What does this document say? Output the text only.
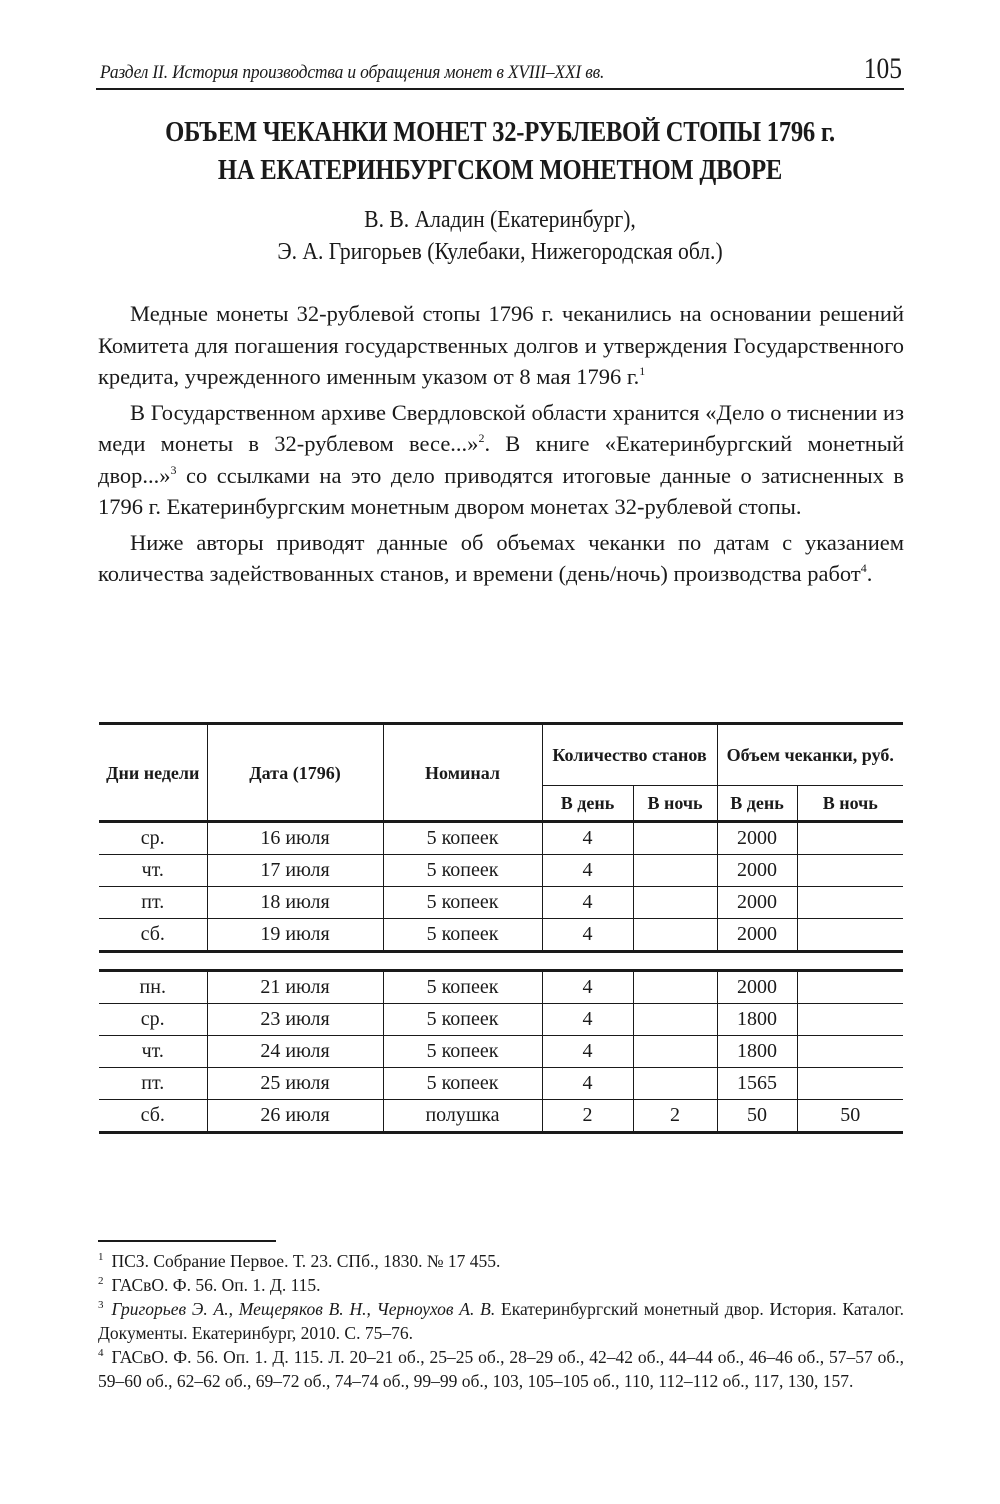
Раздел II. История производства и обращения монет в XVIII–XXI вв.	105
ОБЪЕМ ЧЕКАНКИ МОНЕТ 32-РУБЛЕВОЙ СТОПЫ 1796 г.
НА ЕКАТЕРИНБУРГСКОМ МОНЕТНОМ ДВОРЕ
В. В. Аладин (Екатеринбург),
Э. А. Григорьев (Кулебаки, Нижегородская обл.)

Медные монеты 32-рублевой стопы 1796 г. чеканились на основании решений Комитета для погашения государственных долгов и утверждения Государственного кредита, учрежденного именным указом от 8 мая 1796 г.$^1$

В Государственном архиве Свердловской области хранится «Дело о тиснении из меди монеты в 32-рублевом весе...»$^2$. В книге «Екатеринбургский монетный двор...»$^3$ со ссылками на это дело приводятся итоговые данные о затисненных в 1796 г. Екатеринбургским монетным двором монетах 32-рублевой стопы.

Ниже авторы приводят данные об объемах чеканки по датам с указанием количества задействованных станов, и времени (день/ночь) производства работ$^4$.

Дни недели	Дата (1796)	Номинал	Количество станов		Объем чеканки, руб.	
			В день	В ночь	В день	В ночь
ср.	16 июля	5 копеек	4		2000	
чт.	17 июля	5 копеек	4		2000	
пт.	18 июля	5 копеек	4		2000	
сб.	19 июля	5 копеек	4		2000	

пн.	21 июля	5 копеек	4		2000	
ср.	23 июля	5 копеек	4		1800	
чт.	24 июля	5 копеек	4		1800	
пт.	25 июля	5 копеек	4		1565	
сб.	26 июля	полушка	2	2	50	50

$^1$ ПСЗ. Собрание Первое. Т. 23. СПб., 1830. № 17 455.

$^2$ ГАСвО. Ф. 56. Оп. 1. Д. 115.

$^3$ Григорьев Э. А., Мещеряков В. Н., Черноухов А. В. Екатеринбургский монетный двор. История. Каталог. Документы. Екатеринбург, 2010. С. 75–76.

$^4$ ГАСвО. Ф. 56. Оп. 1. Д. 115. Л. 20–21 об., 25–25 об., 28–29 об., 42–42 об., 44–44 об., 46–46 об., 57–57 об., 59–60 об., 62–62 об., 69–72 об., 74–74 об., 99–99 об., 103, 105–105 об., 110, 112–112 об., 117, 130, 157.
